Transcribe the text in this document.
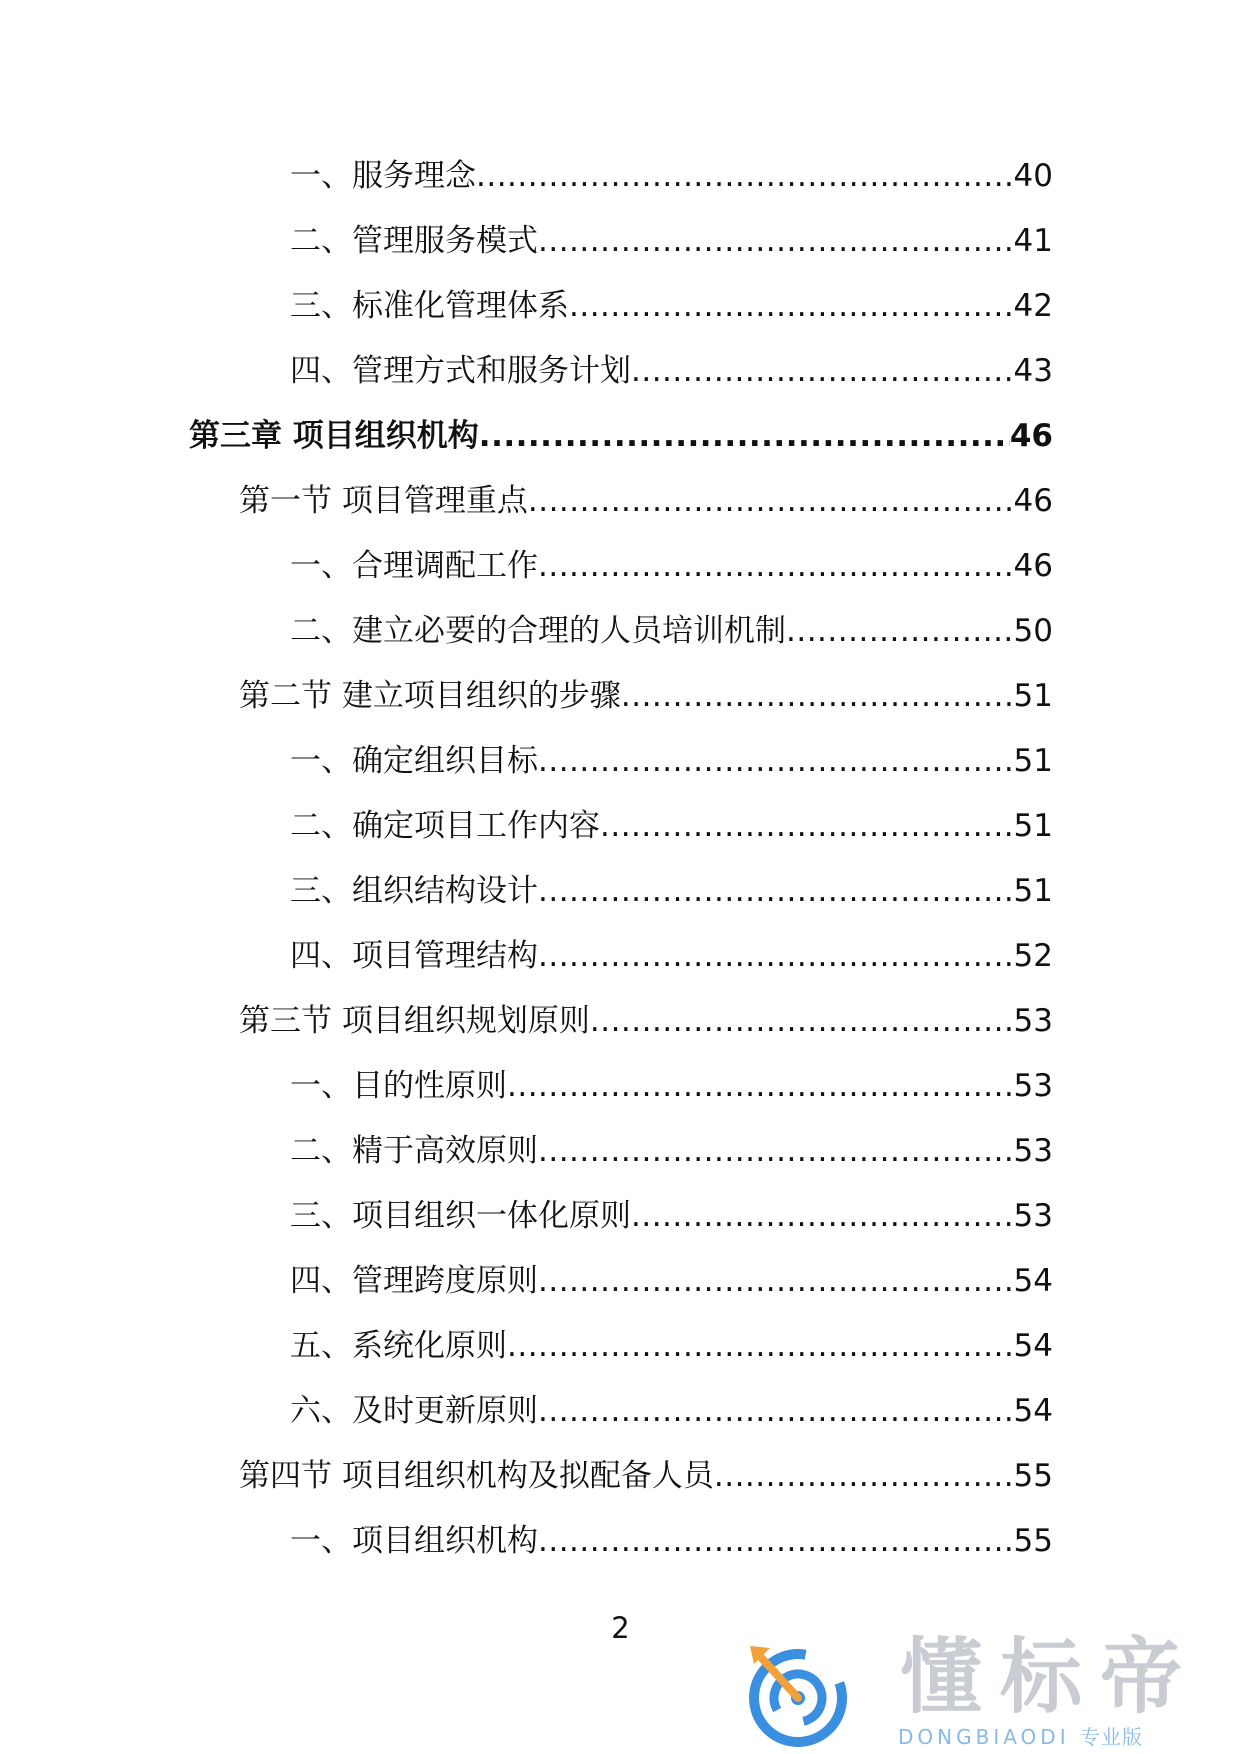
一、服务理念 .....	40
二、管理服务模式 .....	41
三、标准化管理体系 .....	42
四、管理方式和服务计划 .....	43
第三章 项目组织机构 .....	46
第一节 项目管理重点 .....	46
一、合理调配工作 .....	46
二、建立必要的合理的人员培训机制 .....	50
第二节 建立项目组织的步骤 .....	51
一、确定组织目标 .....	51
二、确定项目工作内容 .....	51
三、组织结构设计 .....	51
四、项目管理结构 .....	52
第三节 项目组织规划原则 .....	53
一、目的性原则 .....	53
二、精于高效原则 .....	53
三、项目组织一体化原则 .....	53
四、管理跨度原则 .....	54
五、系统化原则 .....	54
六、及时更新原则 .....	54
第四节 项目组织机构及拟配备人员 .....	55
一、项目组织机构 .....	55
2
懂标帝
DONGBIAODI 专业版
